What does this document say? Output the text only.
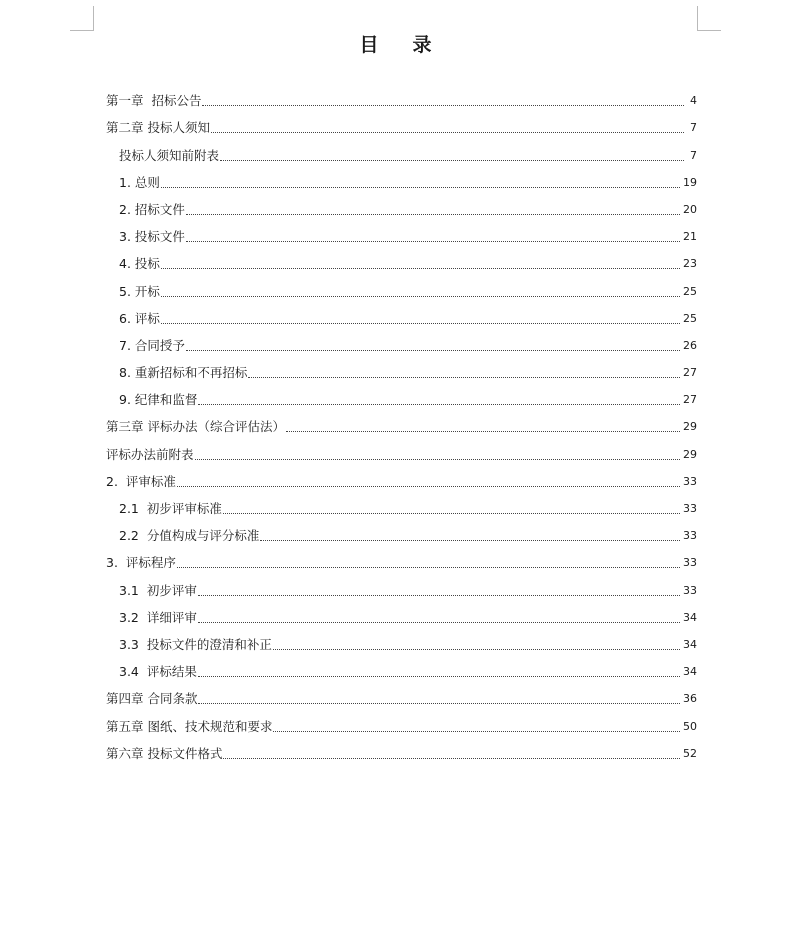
目录
第一章  招标公告	4
第二章 投标人须知	7
投标人须知前附表	7
1. 总则	19
2. 招标文件	20
3. 投标文件	21
4. 投标	23
5. 开标	25
6. 评标	25
7. 合同授予	26
8. 重新招标和不再招标	27
9. 纪律和监督	27
第三章 评标办法（综合评估法）	29
评标办法前附表	29
2.  评审标准	33
2.1  初步评审标准	33
2.2  分值构成与评分标准	33
3.  评标程序	33
3.1  初步评审	33
3.2  详细评审	34
3.3  投标文件的澄清和补正	34
3.4  评标结果	34
第四章 合同条款	36
第五章 图纸、技术规范和要求	50
第六章 投标文件格式	52
